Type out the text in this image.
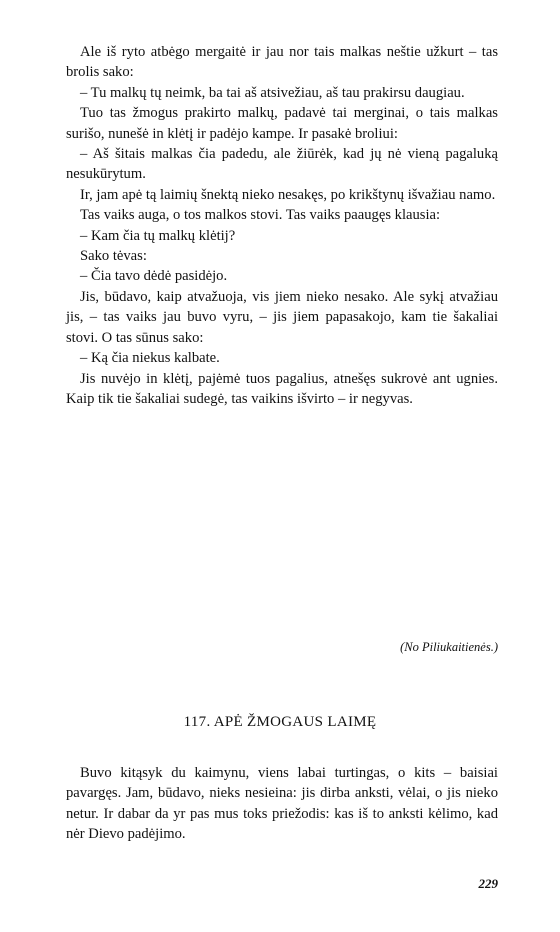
Ale iš ryto atbėgo mergaitė ir jau nor tais malkas neštie užkurt – tas brolis sako:

– Tu malkų tų neimk, ba tai aš atsivežiau, aš tau prakirsu daugiau.

Tuo tas žmogus prakirto malkų, padavė tai merginai, o tais malkas surišo, nunešė in klėtį ir padėjo kampe. Ir pasakė broliui:

– Aš šitais malkas čia padedu, ale žiūrėk, kad jų nė vieną pagaluką nesukūrytum.

Ir, jam apė tą laimių šnektą nieko nesakęs, po krikštynų išvažiau namo.

Tas vaiks auga, o tos malkos stovi. Tas vaiks paaugęs klausia:

– Kam čia tų malkų klėtij?

Sako tėvas:

– Čia tavo dėdė pasidėjo.

Jis, būdavo, kaip atvažuoja, vis jiem nieko nesako. Ale sykį atvažiau jis, – tas vaiks jau buvo vyru, – jis jiem papasakojo, kam tie šakaliai stovi. O tas sūnus sako:

– Ką čia niekus kalbate.

Jis nuvėjo in klėtį, pajėmė tuos pagalius, atnešęs sukrovė ant ugnies. Kaip tik tie šakaliai sudegė, tas vaikins išvirto – ir negyvas.

(No Piliukaitienės.)
117. APĖ ŽMOGAUS LAIMĘ

Buvo kitąsyk du kaimynu, viens labai turtingas, o kits – baisiai pavargęs. Jam, būdavo, nieks nesieina: jis dirba anksti, vėlai, o jis nieko netur. Ir dabar da yr pas mus toks priežodis: kas iš to anksti kėlimo, kad nėr Dievo padėjimo.

229
